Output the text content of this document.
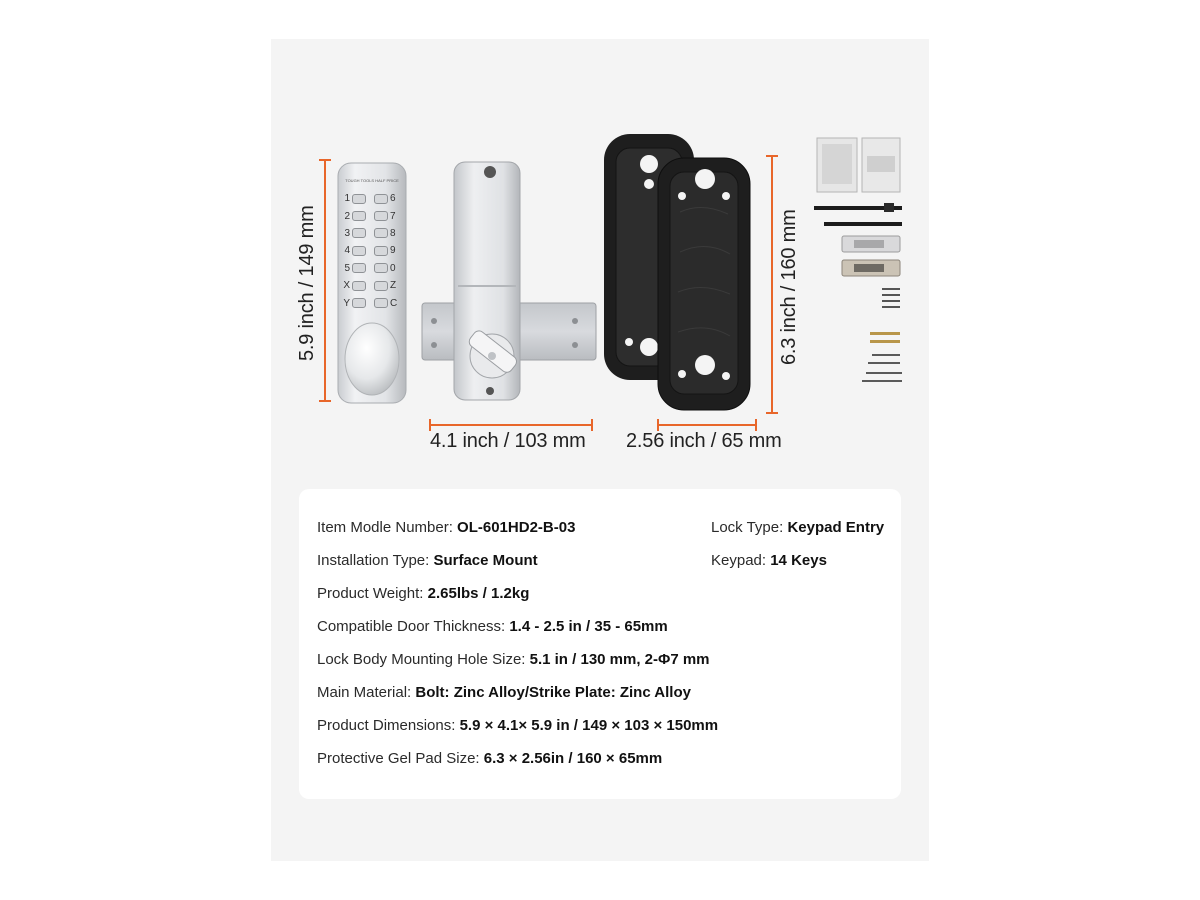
TOUGH TOOLS HALF PRICE
1
2
3
4
5
X
Y
6
7
8
9
0
Z
C
5.9 inch / 149 mm
4.1 inch / 103 mm 2.56 inch / 65 mm
6.3 inch / 160 mm
Item Modle Number: OL-601HD2-B-03
Installation Type: Surface Mount
Product Weight: 2.65lbs / 1.2kg
Compatible Door Thickness: 1.4 - 2.5 in / 35 - 65mm
Lock Body Mounting Hole Size: 5.1 in / 130 mm, 2-Φ7 mm
Main Material: Bolt: Zinc Alloy/Strike Plate: Zinc Alloy
Product Dimensions: 5.9 × 4.1× 5.9 in / 149 × 103 × 150mm
Protective Gel Pad Size: 6.3 × 2.56in / 160 × 65mm
Lock Type: Keypad Entry
Keypad: 14 Keys
